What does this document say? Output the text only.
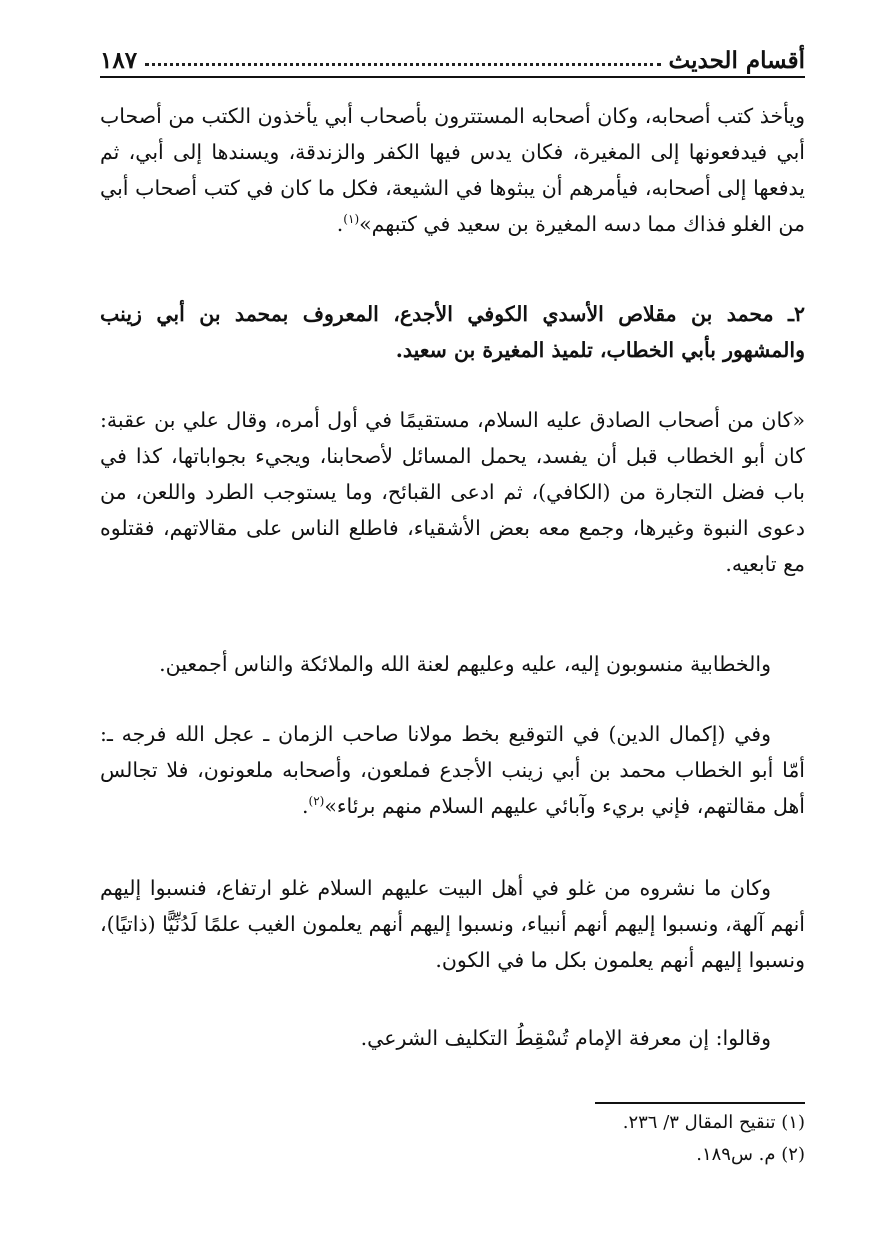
أقسام الحديث
١٨٧

ويأخذ كتب أصحابه، وكان أصحابه المستترون بأصحاب أبي يأخذون الكتب من أصحاب أبي فيدفعونها إلى المغيرة، فكان يدس فيها الكفر والزندقة، ويسندها إلى أبي، ثم يدفعها إلى أصحابه، فيأمرهم أن يبثوها في الشيعة، فكل ما كان في كتب أصحاب أبي من الغلو فذاك مما دسه المغيرة بن سعيد في كتبهم»$^{(١)}$.

٢ـ محمد بن مقلاص الأسدي الكوفي الأجدع، المعروف بمحمد بن أبي زينب والمشهور بأبي الخطاب، تلميذ المغيرة بن سعيد.

«كان من أصحاب الصادق عليه السلام، مستقيمًا في أول أمره، وقال علي بن عقبة: كان أبو الخطاب قبل أن يفسد، يحمل المسائل لأصحابنا، ويجيء بجواباتها، كذا في باب فضل التجارة من (الكافي)، ثم ادعى القبائح، وما يستوجب الطرد واللعن، من دعوى النبوة وغيرها، وجمع معه بعض الأشقياء، فاطلع الناس على مقالاتهم، فقتلوه مع تابعيه.

والخطابية منسوبون إليه، عليه وعليهم لعنة الله والملائكة والناس أجمعين.

وفي (إكمال الدين) في التوقيع بخط مولانا صاحب الزمان ـ عجل الله فرجه ـ: أمّا أبو الخطاب محمد بن أبي زينب الأجدع فملعون، وأصحابه ملعونون، فلا تجالس أهل مقالتهم، فإني بريء وآبائي عليهم السلام منهم برئاء»$^{(٢)}$.

وكان ما نشروه من غلو في أهل البيت عليهم السلام غلو ارتفاع، فنسبوا إليهم أنهم آلهة، ونسبوا إليهم أنهم أنبياء، ونسبوا إليهم أنهم يعلمون الغيب علمًا لَدُنِّيًّا (ذاتيًا)، ونسبوا إليهم أنهم يعلمون بكل ما في الكون.

وقالوا: إن معرفة الإمام تُسْقِطُ التكليف الشرعي.

(١) تنقيح المقال ٣/ ٢٣٦.
(٢) م. س١٨٩.
